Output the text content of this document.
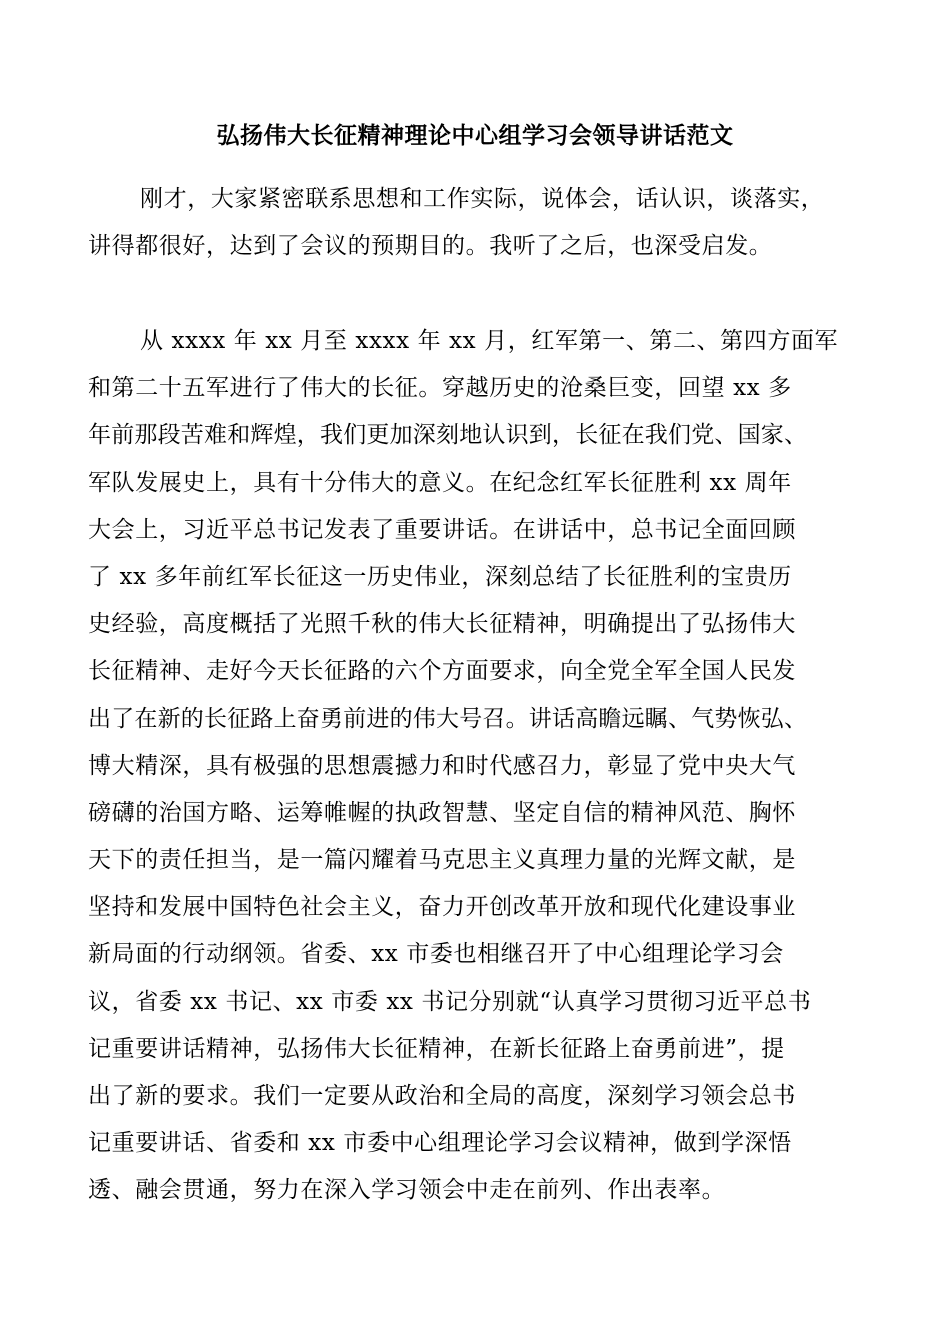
弘扬伟大长征精神理论中心组学习会领导讲话范文
刚才，大家紧密联系思想和工作实际，说体会，话认识，谈落实，
讲得都很好，达到了会议的预期目的。我听了之后，也深受启发。
从 xxxx 年 xx 月至 xxxx 年 xx 月，红军第一、第二、第四方面军
和第二十五军进行了伟大的长征。穿越历史的沧桑巨变，回望 xx 多
年前那段苦难和辉煌，我们更加深刻地认识到，长征在我们党、国家、
军队发展史上，具有十分伟大的意义。在纪念红军长征胜利 xx 周年
大会上，习近平总书记发表了重要讲话。在讲话中，总书记全面回顾
了 xx 多年前红军长征这一历史伟业，深刻总结了长征胜利的宝贵历
史经验，高度概括了光照千秋的伟大长征精神，明确提出了弘扬伟大
长征精神、走好今天长征路的六个方面要求，向全党全军全国人民发
出了在新的长征路上奋勇前进的伟大号召。讲话高瞻远瞩、气势恢弘、
博大精深，具有极强的思想震撼力和时代感召力，彰显了党中央大气
磅礴的治国方略、运筹帷幄的执政智慧、坚定自信的精神风范、胸怀
天下的责任担当，是一篇闪耀着马克思主义真理力量的光辉文献，是
坚持和发展中国特色社会主义，奋力开创改革开放和现代化建设事业
新局面的行动纲领。省委、xx 市委也相继召开了中心组理论学习会
议，省委 xx 书记、xx 市委 xx 书记分别就“认真学习贯彻习近平总书
记重要讲话精神，弘扬伟大长征精神，在新长征路上奋勇前进”，提
出了新的要求。我们一定要从政治和全局的高度，深刻学习领会总书
记重要讲话、省委和 xx 市委中心组理论学习会议精神，做到学深悟
透、融会贯通，努力在深入学习领会中走在前列、作出表率。
